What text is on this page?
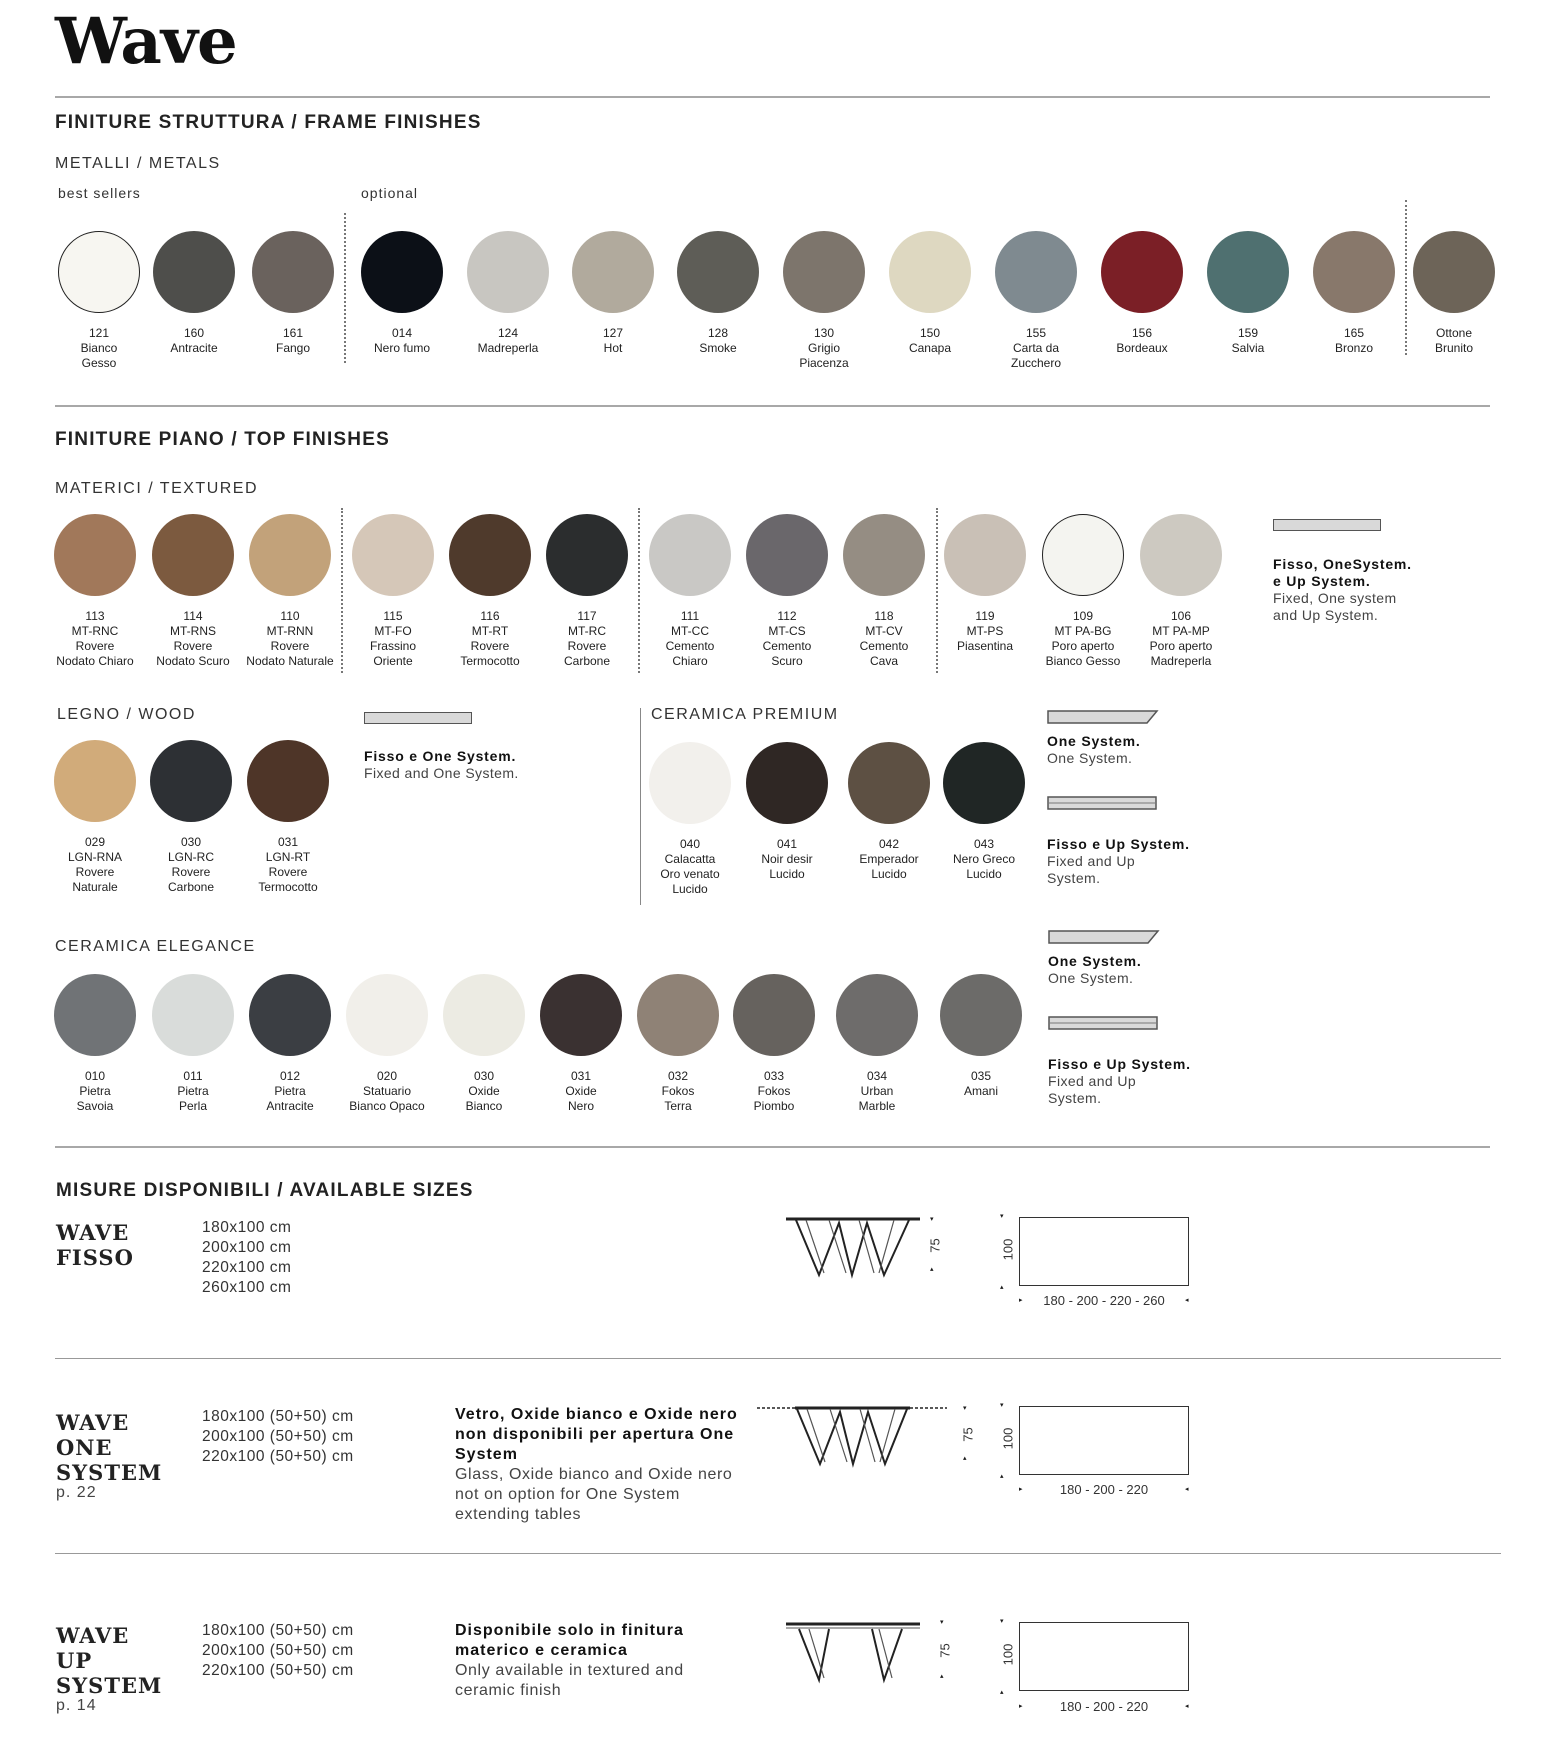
Wave
FINITURE STRUTTURA / FRAME FINISHES
METALLI / METALS
best sellers	optional
121
Bianco
Gesso
160
Antracite
161
Fango
014
Nero fumo
124
Madreperla
127
Hot
128
Smoke
130
Grigio
Piacenza
150
Canapa
155
Carta da
Zucchero
156
Bordeaux
159
Salvia
165
Bronzo
Ottone
Brunito
FINITURE PIANO / TOP FINISHES
MATERICI / TEXTURED
113
MT-RNC
Rovere
Nodato Chiaro
114
MT-RNS
Rovere
Nodato Scuro
110
MT-RNN
Rovere
Nodato Naturale
115
MT-FO
Frassino
Oriente
116
MT-RT
Rovere
Termocotto
117
MT-RC
Rovere
Carbone
111
MT-CC
Cemento
Chiaro
112
MT-CS
Cemento
Scuro
118
MT-CV
Cemento
Cava
119
MT-PS
Piasentina
109
MT PA-BG
Poro aperto
Bianco Gesso
106
MT PA-MP
Poro aperto
Madreperla

Fisso, OneSystem.
e Up System.
Fixed, One system
and Up System.

LEGNO / WOOD
029
LGN-RNA
Rovere
Naturale
030
LGN-RC
Rovere
Carbone
031
LGN-RT
Rovere
Termocotto
Fisso e One System.
Fixed and One System.
CERAMICA PREMIUM
040
Calacatta
Oro venato
Lucido
041
Noir desir
Lucido
042
Emperador
Lucido
043
Nero Greco
Lucido
One System.
One System.

Fisso e Up System.
Fixed and Up
System.

CERAMICA ELEGANCE
010
Pietra
Savoia
011
Pietra
Perla
012
Pietra
Antracite
020
Statuario
Bianco Opaco
030
Oxide
Bianco
031
Oxide
Nero
032
Fokos
Terra
033
Fokos
Piombo
034
Urban
Marble
035
Amani
One System.
One System.

Fisso e Up System.
Fixed and Up
System.

MISURE DISPONIBILI / AVAILABLE SIZES
WAVE
FISSO
180x100 cm
200x100 cm
220x100 cm
260x100 cm
▾
▴
75
▾
▴
100
▸	◂
180 - 200 - 220 - 260
WAVE
ONE
SYSTEM
p. 22
180x100 (50+50) cm
200x100 (50+50) cm
220x100 (50+50) cm
Vetro, Oxide bianco e Oxide nero non disponibili per apertura One System
Glass, Oxide bianco and Oxide nero not on option for One System extending tables
▾
▴
75
▾
▴
100
▸	◂
180 - 200 - 220
WAVE
UP
SYSTEM
p. 14
180x100 (50+50) cm
200x100 (50+50) cm
220x100 (50+50) cm
Disponibile solo in finitura materico e ceramica
Only available in textured and ceramic finish
▾
▴
75
▾
▴
100
▸	◂
180 - 200 - 220
